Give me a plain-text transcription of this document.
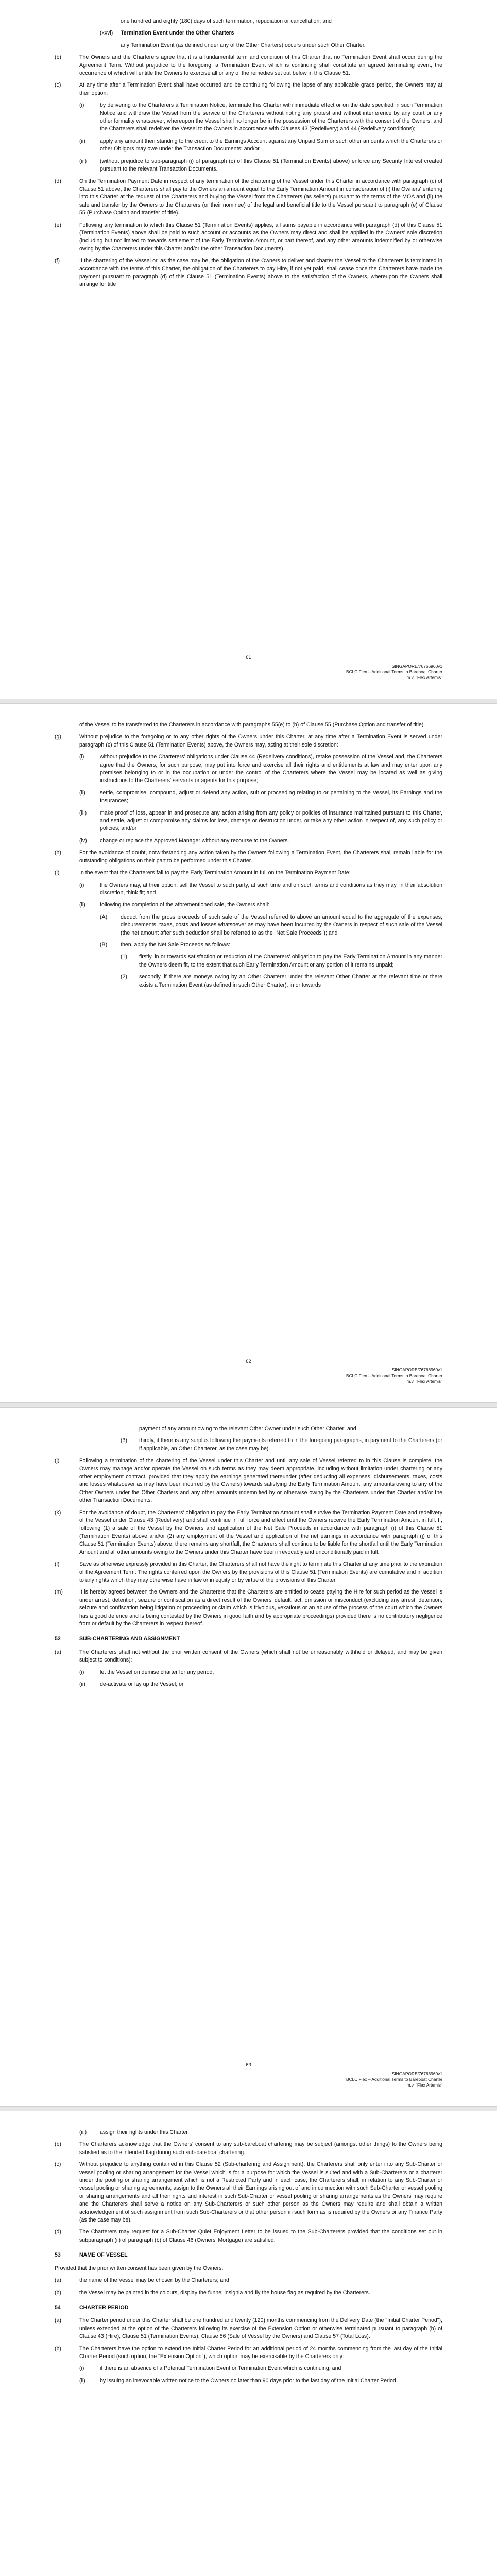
one hundred and eighty (180) days of such termination, repudiation or cancellation; and
(xxvi)	Termination Event under the Other Charters
any Termination Event (as defined under any of the Other Charters) occurs under such Other Charter.
(b)	The Owners and the Charterers agree that it is a fundamental term and condition of this Charter that no Termination Event shall occur during the Agreement Term. Without prejudice to the foregoing, a Termination Event which is continuing shall constitute an agreed terminating event, the occurrence of which will entitle the Owners to exercise all or any of the remedies set out below in this Clause 51.
(c)	At any time after a Termination Event shall have occurred and be continuing following the lapse of any applicable grace period, the Owners may at their option:
(i)	by delivering to the Charterers a Termination Notice, terminate this Charter with immediate effect or on the date specified in such Termination Notice and withdraw the Vessel from the service of the Charterers without noting any protest and without interference by any court or any other formality whatsoever, whereupon the Vessel shall no longer be in the possession of the Charterers with the consent of the Owners, and the Charterers shall redeliver the Vessel to the Owners in accordance with Clauses 43 (Redelivery) and 44 (Redelivery conditions);
(ii)	apply any amount then standing to the credit to the Earnings Account against any Unpaid Sum or such other amounts which the Charterers or other Obligors may owe under the Transaction Documents; and/or
(iii)	(without prejudice to sub-paragraph (i) of paragraph (c) of this Clause 51 (Termination Events) above) enforce any Security Interest created pursuant to the relevant Transaction Documents.
(d)	On the Termination Payment Date in respect of any termination of the chartering of the Vessel under this Charter in accordance with paragraph (c) of Clause 51 above, the Charterers shall pay to the Owners an amount equal to the Early Termination Amount in consideration of (i) the Owners' entering into this Charter at the request of the Charterers and buying the Vessel from the Charterers (as sellers) pursuant to the terms of the MOA and (ii) the sale and transfer by the Owners to the Charterers (or their nominee) of the legal and beneficial title to the Vessel pursuant to paragraph (e) of Clause 55 (Purchase Option and transfer of title).
(e)	Following any termination to which this Clause 51 (Termination Events) applies, all sums payable in accordance with paragraph (d) of this Clause 51 (Termination Events) above shall be paid to such account or accounts as the Owners may direct and shall be applied in the Owners' sole discretion (including but not limited to towards settlement of the Early Termination Amount, or part thereof, and any other amounts indemnified by or otherwise owing by the Charterers under this Charter and/or the other Transaction Documents).
(f)	If the chartering of the Vessel or, as the case may be, the obligation of the Owners to deliver and charter the Vessel to the Charterers is terminated in accordance with the terms of this Charter, the obligation of the Charterers to pay Hire, if not yet paid, shall cease once the Charterers have made the payment pursuant to paragraph (d) of this Clause 51 (Termination Events) above to the satisfaction of the Owners, whereupon the Owners shall arrange for title
61
SINGAPORE/76766960v1
BCLC Flex – Additional Terms to Bareboat Charter
m.v. "Flex Artemis"
of the Vessel to be transferred to the Charterers in accordance with paragraphs 55(e) to (h) of Clause 55 (Purchase Option and transfer of title).
(g)	Without prejudice to the foregoing or to any other rights of the Owners under this Charter, at any time after a Termination Event is served under paragraph (c) of this Clause 51 (Termination Events) above, the Owners may, acting at their sole discretion:
(i)	without prejudice to the Charterers' obligations under Clause 44 (Redelivery conditions), retake possession of the Vessel and, the Charterers agree that the Owners, for such purpose, may put into force and exercise all their rights and entitlements at law and may enter upon any premises belonging to or in the occupation or under the control of the Charterers where the Vessel may be located as well as giving instructions to the Charterers' servants or agents for this purpose;
(ii)	settle, compromise, compound, adjust or defend any action, suit or proceeding relating to or pertaining to the Vessel, its Earnings and the Insurances;
(iii)	make proof of loss, appear in and prosecute any action arising from any policy or policies of insurance maintained pursuant to this Charter, and settle, adjust or compromise any claims for loss, damage or destruction under, or take any other action in respect of, any such policy or policies; and/or
(iv)	change or replace the Approved Manager without any recourse to the Owners.
(h)	For the avoidance of doubt, notwithstanding any action taken by the Owners following a Termination Event, the Charterers shall remain liable for the outstanding obligations on their part to be performed under this Charter.
(i)	In the event that the Charterers fail to pay the Early Termination Amount in full on the Termination Payment Date:
(i)	the Owners may, at their option, sell the Vessel to such party, at such time and on such terms and conditions as they may, in their absolution discretion, think fit; and
(ii)	following the completion of the aforementioned sale, the Owners shall:
(A)	deduct from the gross proceeds of such sale of the Vessel referred to above an amount equal to the aggregate of the expenses, disbursements, taxes, costs and losses whatsoever as may have been incurred by the Owners in respect of such sale of the Vessel (the net amount after such deduction shall be referred to as the "Net Sale Proceeds"); and
(B)	then, apply the Net Sale Proceeds as follows:
(1)	firstly, in or towards satisfaction or reduction of the Charterers' obligation to pay the Early Termination Amount in any manner the Owners deem fit, to the extent that such Early Termination Amount or any portion of it remains unpaid;
(2)	secondly, if there are moneys owing by an Other Charterer under the relevant Other Charter at the relevant time or there exists a Termination Event (as defined in such Other Charter), in or towards
62
SINGAPORE/76766960v1
BCLC Flex – Additional Terms to Bareboat Charter
m.v. "Flex Artemis"
payment of any amount owing to the relevant Other Owner under such Other Charter; and
(3)	thirdly, if there is any surplus following the payments referred to in the foregoing paragraphs, in payment to the Charterers (or if applicable, an Other Charterer, as the case may be).
(j)	Following a termination of the chartering of the Vessel under this Charter and until any sale of Vessel referred to in this Clause is complete, the Owners may manage and/or operate the Vessel on such terms as they may deem appropriate, including without limitation under chartering or any other employment contract, provided that they apply the earnings generated thereunder (after deducting all expenses, disbursements, taxes, costs and losses whatsoever as may have been incurred by the Owners) towards satisfying the Early Termination Amount, any amounts owing to any of the Other Owners under the Other Charters and any other amounts indemnified by or otherwise owing by the Charterers under this Charter and/or the other Transaction Documents.
(k)	For the avoidance of doubt, the Charterers' obligation to pay the Early Termination Amount shall survive the Termination Payment Date and redelivery of the Vessel under Clause 43 (Redelivery) and shall continue in full force and effect until the Owners receive the Early Termination Amount in full. If, following (1) a sale of the Vessel by the Owners and application of the Net Sale Proceeds in accordance with paragraph (i) of this Clause 51 (Termination Events) above and/or (2) any employment of the Vessel and application of the net earnings in accordance with paragraph (j) of this Clause 51 (Termination Events) above, there remains any shortfall, the Charterers shall continue to be liable for the shortfall until the Early Termination Amount and all other amounts owing to the Owners under this Charter have been irrevocably and unconditionally paid in full.
(l)	Save as otherwise expressly provided in this Charter, the Charterers shall not have the right to terminate this Charter at any time prior to the expiration of the Agreement Term. The rights conferred upon the Owners by the provisions of this Clause 51 (Termination Events) are cumulative and in addition to any rights which they may otherwise have in law or in equity or by virtue of the provisions of this Charter.
(m)	It is hereby agreed between the Owners and the Charterers that the Charterers are entitled to cease paying the Hire for such period as the Vessel is under arrest, detention, seizure or confiscation as a direct result of the Owners' default, act, omission or misconduct (excluding any arrest, detention, seizure and confiscation being litigation or proceeding or claim which is frivolous, vexatious or an abuse of the process of the court which the Owners has a good defence and is being contested by the Owners in good faith and by appropriate proceedings) provided there is no contributory negligence from or default by the Charterers in respect thereof.
52	SUB-CHARTERING AND ASSIGNMENT
(a)	The Charterers shall not without the prior written consent of the Owners (which shall not be unreasonably withheld or delayed, and may be given subject to conditions):
(i)	let the Vessel on demise charter for any period;
(ii)	de-activate or lay up the Vessel; or
63
SINGAPORE/76766960v1
BCLC Flex – Additional Terms to Bareboat Charter
m.v. "Flex Artemis"
(iii)	assign their rights under this Charter.
(b)	The Charterers acknowledge that the Owners' consent to any sub-bareboat chartering may be subject (amongst other things) to the Owners being satisfied as to the intended flag during such sub-bareboat chartering.
(c)	Without prejudice to anything contained in this Clause 52 (Sub-chartering and Assignment), the Charterers shall only enter into any Sub-Charter or vessel pooling or sharing arrangement for the Vessel which is for a purpose for which the Vessel is suited and with a Sub-Charterers or a charterer under the pooling or sharing arrangement which is not a Restricted Party and in each case, the Charterers shall, in relation to any Sub-Charter or vessel pooling or sharing agreements, assign to the Owners all their Earnings arising out of and in connection with such Sub-Charter or vessel pooling or sharing arrangements and all their rights and interest in such Sub-Charter or vessel pooling or sharing arrangements as the Owners may require and the Charterers shall serve a notice on any Sub-Charterers or such other person as the Owners may require and shall obtain a written acknowledgement of such assignment from such Sub-Charterers or that other person in such form as is required by the Owners or any Finance Party (as the case may be).
(d)	The Charterers may request for a Sub-Charter Quiet Enjoyment Letter to be issued to the Sub-Charterers provided that the conditions set out in subparagraph (ii) of paragraph (b) of Clause 46 (Owners' Mortgage) are satisfied.
53	NAME OF VESSEL
Provided that the prior written consent has been given by the Owners:
(a)	the name of the Vessel may be chosen by the Charterers; and
(b)	the Vessel may be painted in the colours, display the funnel insignia and fly the house flag as required by the Charterers.
54	CHARTER PERIOD
(a)	The Charter period under this Charter shall be one hundred and twenty (120) months commencing from the Delivery Date (the "Initial Charter Period"), unless extended at the option of the Charterers following its exercise of the Extension Option or otherwise terminated pursuant to paragraph (b) of Clause 43 (Hire), Clause 51 (Termination Events), Clause 56 (Sale of Vessel by the Owners) and Clause 57 (Total Loss).
(b)	The Charterers have the option to extend the Initial Charter Period for an additional period of 24 months commencing from the last day of the Initial Charter Period (such option, the "Extension Option"), which option may be exercisable by the Charterers only:
(i)	if there is an absence of a Potential Termination Event or Termination Event which is continuing; and
(ii)	by issuing an irrevocable written notice to the Owners no later than 90 days prior to the last day of the Initial Charter Period.
